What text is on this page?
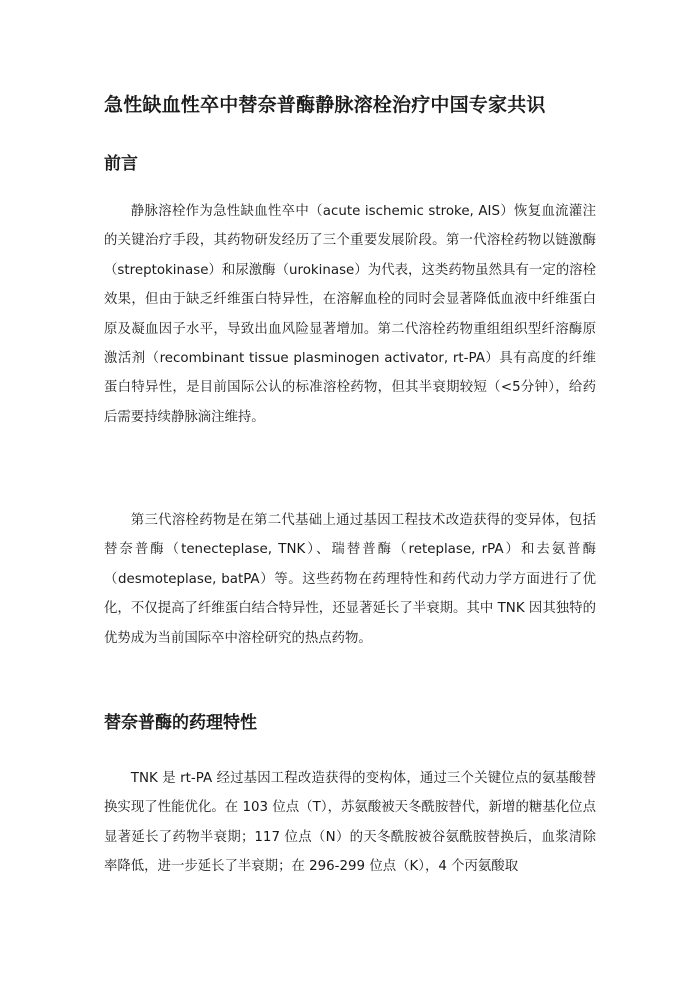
急性缺血性卒中替奈普酶静脉溶栓治疗中国专家共识
前言

静脉溶栓作为急性缺血性卒中（acute ischemic stroke, AIS）恢复血流灌注的关键治疗手段，其药物研发经历了三个重要发展阶段。第一代溶栓药物以链激酶（streptokinase）和尿激酶（urokinase）为代表，这类药物虽然具有一定的溶栓效果，但由于缺乏纤维蛋白特异性，在溶解血栓的同时会显著降低血液中纤维蛋白原及凝血因子水平，导致出血风险显著增加。第二代溶栓药物重组组织型纤溶酶原激活剂（recombinant tissue plasminogen activator, rt-PA）具有高度的纤维蛋白特异性，是目前国际公认的标准溶栓药物，但其半衰期较短（<5分钟），给药后需要持续静脉滴注维持。

第三代溶栓药物是在第二代基础上通过基因工程技术改造获得的变异体，包括替奈普酶（tenecteplase, TNK）、瑞替普酶（reteplase, rPA）和去氨普酶（desmoteplase, batPA）等。这些药物在药理特性和药代动力学方面进行了优化，不仅提高了纤维蛋白结合特异性，还显著延长了半衰期。其中 TNK 因其独特的优势成为当前国际卒中溶栓研究的热点药物。

替奈普酶的药理特性

TNK 是 rt-PA 经过基因工程改造获得的变构体，通过三个关键位点的氨基酸替换实现了性能优化。在 103 位点（T），苏氨酸被天冬酰胺替代，新增的糖基化位点显著延长了药物半衰期；117 位点（N）的天冬酰胺被谷氨酰胺替换后，血浆清除率降低，进一步延长了半衰期；在 296-299 位点（K），4 个丙氨酸取
